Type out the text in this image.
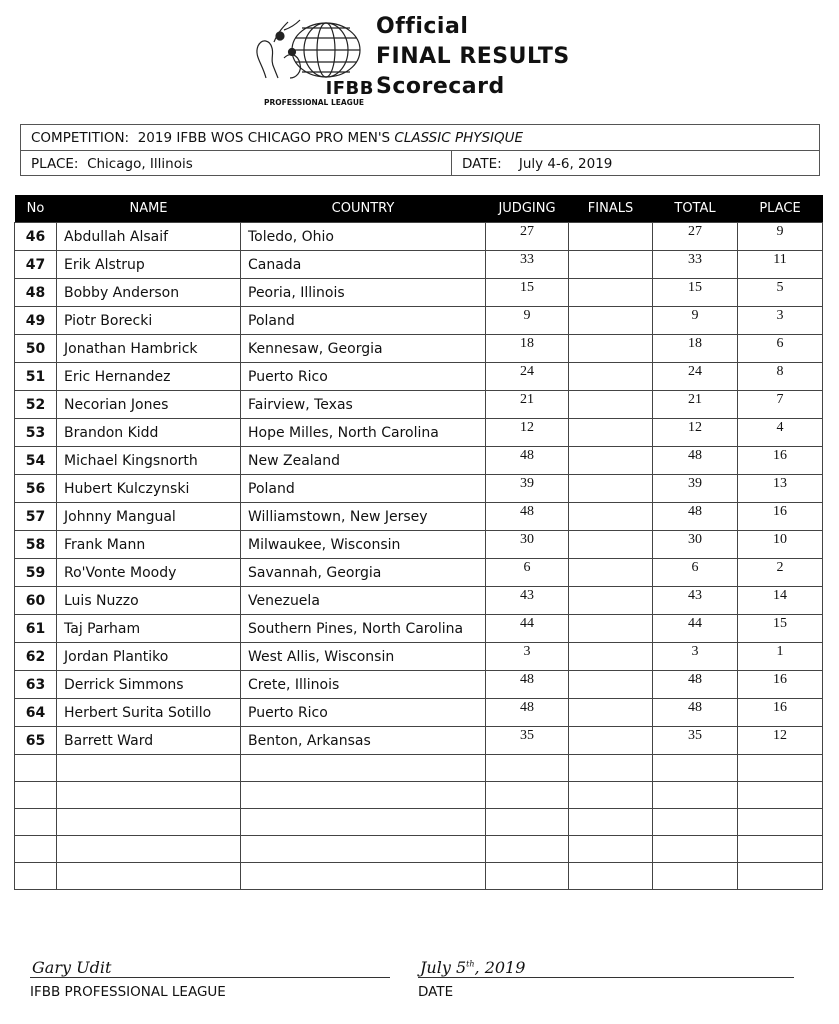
IFBB
PROFESSIONAL LEAGUE
Official
FINAL RESULTS
Scorecard
COMPETITION:
2019 IFBB WOS CHICAGO PRO MEN'S
CLASSIC PHYSIQUE
PLACE:
Chicago, Illinois	DATE:
July 4-6, 2019
No	NAME	COUNTRY	JUDGING	FINALS	TOTAL	PLACE
46	Abdullah Alsaif	Toledo, Ohio	27		27	9
47	Erik Alstrup	Canada	33		33	11
48	Bobby Anderson	Peoria, Illinois	15		15	5
49	Piotr Borecki	Poland	9		9	3
50	Jonathan Hambrick	Kennesaw, Georgia	18		18	6
51	Eric Hernandez	Puerto Rico	24		24	8
52	Necorian Jones	Fairview, Texas	21		21	7
53	Brandon Kidd	Hope Milles, North Carolina	12		12	4
54	Michael Kingsnorth	New Zealand	48		48	16
56	Hubert Kulczynski	Poland	39		39	13
57	Johnny Mangual	Williamstown, New Jersey	48		48	16
58	Frank Mann	Milwaukee, Wisconsin	30		30	10
59	Ro'Vonte Moody	Savannah, Georgia	6		6	2
60	Luis Nuzzo	Venezuela	43		43	14
61	Taj Parham	Southern Pines, North Carolina	44		44	15
62	Jordan Plantiko	West Allis, Wisconsin	3		3	1
63	Derrick Simmons	Crete, Illinois	48		48	16
64	Herbert Surita Sotillo	Puerto Rico	48		48	16
65	Barrett Ward	Benton, Arkansas	35		35	12

Gary Udit
IFBB PROFESSIONAL LEAGUE
July 5th, 2019
DATE
